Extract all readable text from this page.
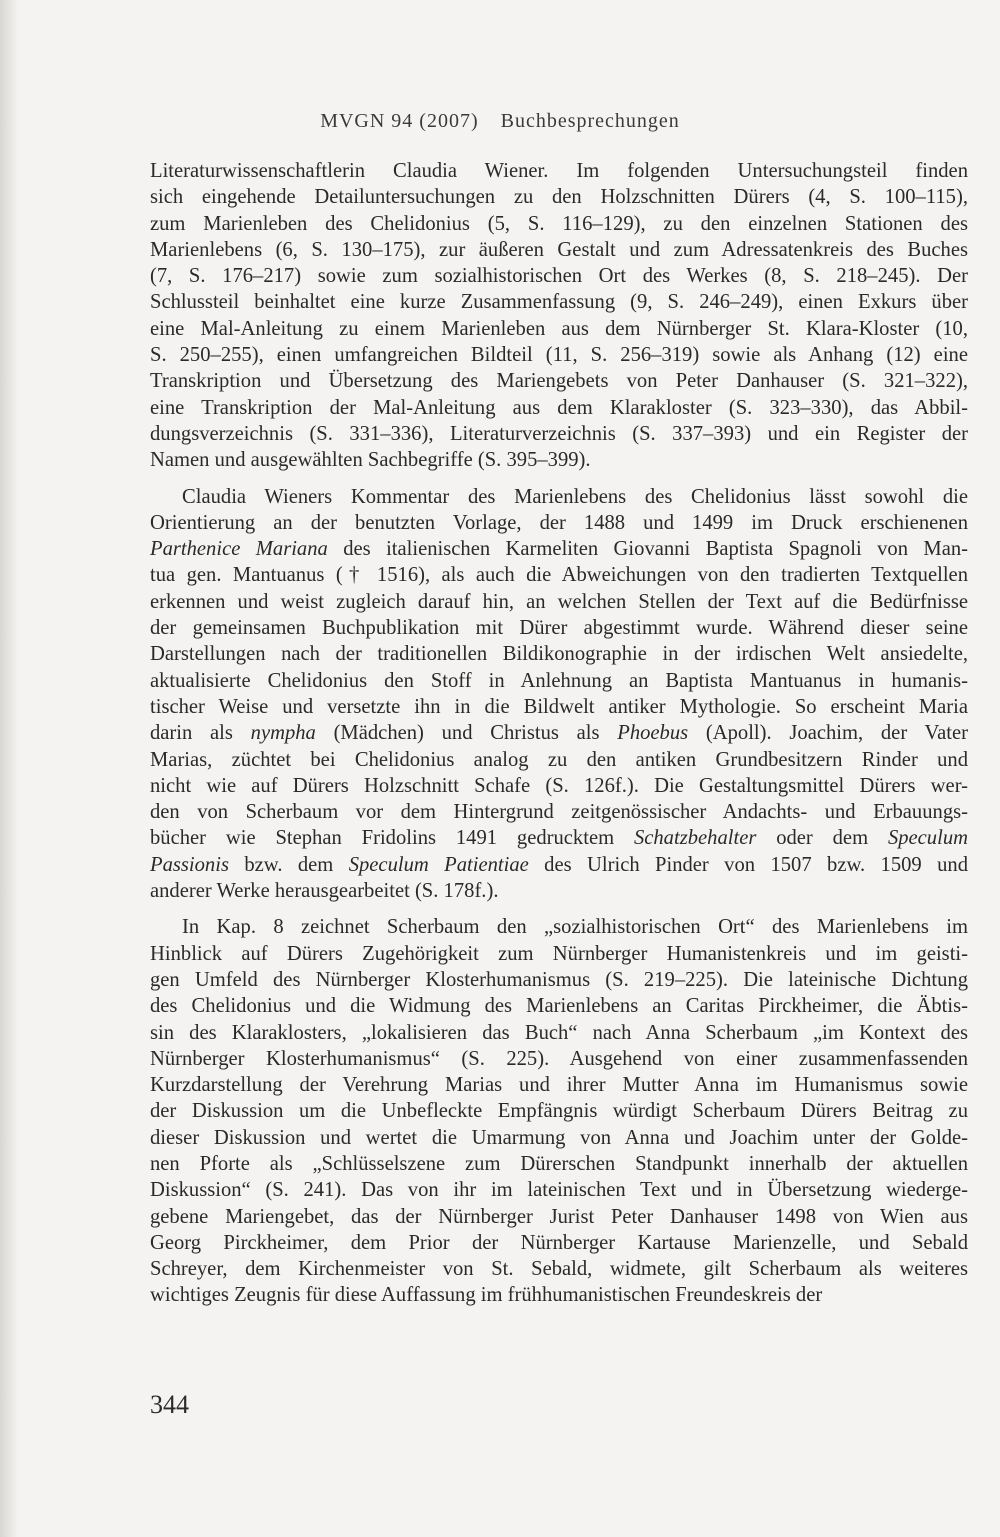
MVGN 94 (2007) Buchbesprechungen
Literaturwissenschaftlerin Claudia Wiener. Im folgenden Untersuchungsteil finden
sich eingehende Detailuntersuchungen zu den Holzschnitten Dürers (4, S. 100–115),
zum Marienleben des Chelidonius (5, S. 116–129), zu den einzelnen Stationen des
Marienlebens (6, S. 130–175), zur äußeren Gestalt und zum Adressatenkreis des Buches
(7, S. 176–217) sowie zum sozialhistorischen Ort des Werkes (8, S. 218–245). Der
Schlussteil beinhaltet eine kurze Zusammenfassung (9, S. 246–249), einen Exkurs über
eine Mal-Anleitung zu einem Marienleben aus dem Nürnberger St. Klara-Kloster (10,
S. 250–255), einen umfangreichen Bildteil (11, S. 256–319) sowie als Anhang (12) eine
Transkription und Übersetzung des Mariengebets von Peter Danhauser (S. 321–322),
eine Transkription der Mal-Anleitung aus dem Klarakloster (S. 323–330), das Abbil-
dungsverzeichnis (S. 331–336), Literaturverzeichnis (S. 337–393) und ein Register der
Namen und ausgewählten Sachbegriffe (S. 395–399).
Claudia Wieners Kommentar des Marienlebens des Chelidonius lässt sowohl die
Orientierung an der benutzten Vorlage, der 1488 und 1499 im Druck erschienenen
Parthenice Mariana des italienischen Karmeliten Giovanni Baptista Spagnoli von Man-
tua gen. Mantuanus († 1516), als auch die Abweichungen von den tradierten Textquellen
erkennen und weist zugleich darauf hin, an welchen Stellen der Text auf die Bedürfnisse
der gemeinsamen Buchpublikation mit Dürer abgestimmt wurde. Während dieser seine
Darstellungen nach der traditionellen Bildikonographie in der irdischen Welt ansiedelte,
aktualisierte Chelidonius den Stoff in Anlehnung an Baptista Mantuanus in humanis-
tischer Weise und versetzte ihn in die Bildwelt antiker Mythologie. So erscheint Maria
darin als nympha (Mädchen) und Christus als Phoebus (Apoll). Joachim, der Vater
Marias, züchtet bei Chelidonius analog zu den antiken Grundbesitzern Rinder und
nicht wie auf Dürers Holzschnitt Schafe (S. 126f.). Die Gestaltungsmittel Dürers wer-
den von Scherbaum vor dem Hintergrund zeitgenössischer Andachts- und Erbauungs-
bücher wie Stephan Fridolins 1491 gedrucktem Schatzbehalter oder dem Speculum
Passionis bzw. dem Speculum Patientiae des Ulrich Pinder von 1507 bzw. 1509 und
anderer Werke herausgearbeitet (S. 178f.).
In Kap. 8 zeichnet Scherbaum den „sozialhistorischen Ort“ des Marienlebens im
Hinblick auf Dürers Zugehörigkeit zum Nürnberger Humanistenkreis und im geisti-
gen Umfeld des Nürnberger Klosterhumanismus (S. 219–225). Die lateinische Dichtung
des Chelidonius und die Widmung des Marienlebens an Caritas Pirckheimer, die Äbtis-
sin des Klaraklosters, „lokalisieren das Buch“ nach Anna Scherbaum „im Kontext des
Nürnberger Klosterhumanismus“ (S. 225). Ausgehend von einer zusammenfassenden
Kurzdarstellung der Verehrung Marias und ihrer Mutter Anna im Humanismus sowie
der Diskussion um die Unbefleckte Empfängnis würdigt Scherbaum Dürers Beitrag zu
dieser Diskussion und wertet die Umarmung von Anna und Joachim unter der Golde-
nen Pforte als „Schlüsselszene zum Dürerschen Standpunkt innerhalb der aktuellen
Diskussion“ (S. 241). Das von ihr im lateinischen Text und in Übersetzung wiederge-
gebene Mariengebet, das der Nürnberger Jurist Peter Danhauser 1498 von Wien aus
Georg Pirckheimer, dem Prior der Nürnberger Kartause Marienzelle, und Sebald
Schreyer, dem Kirchenmeister von St. Sebald, widmete, gilt Scherbaum als weiteres
wichtiges Zeugnis für diese Auffassung im frühhumanistischen Freundeskreis der
344
